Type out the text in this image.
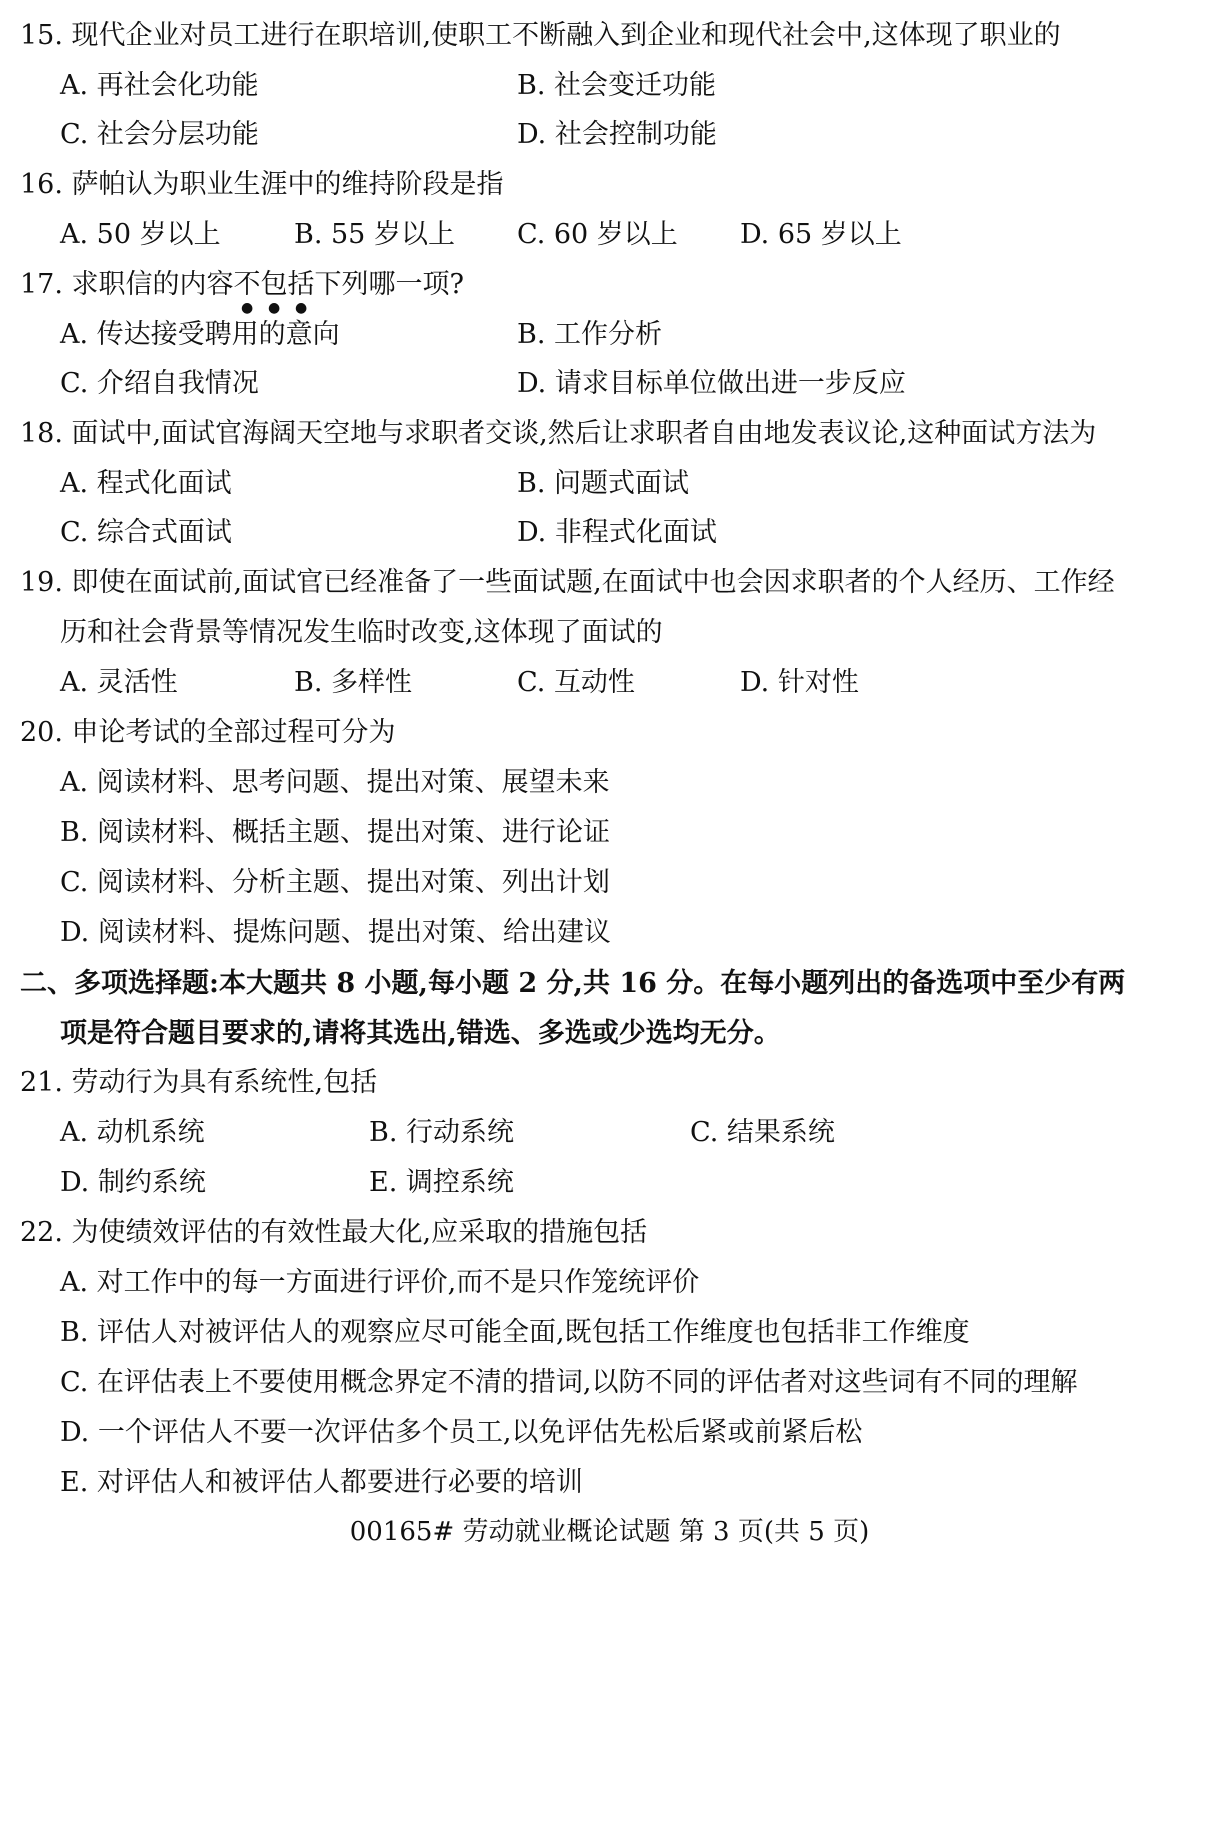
15. 现代企业对员工进行在职培训,使职工不断融入到企业和现代社会中,这体现了职业的
A. 再社会化功能	B. 社会变迁功能
C. 社会分层功能	D. 社会控制功能
16. 萨帕认为职业生涯中的维持阶段是指
A. 50 岁以上	B. 55 岁以上 C. 60 岁以上 D. 65 岁以上
17. 求职信的内容不包括下列哪一项?
A. 传达接受聘用的意向	B. 工作分析
C. 介绍自我情况	D. 请求目标单位做出进一步反应
18. 面试中,面试官海阔天空地与求职者交谈,然后让求职者自由地发表议论,这种面试方法为
A. 程式化面试	B. 问题式面试
C. 综合式面试	D. 非程式化面试
19. 即使在面试前,面试官已经准备了一些面试题,在面试中也会因求职者的个人经历、工作经
历和社会背景等情况发生临时改变,这体现了面试的
A. 灵活性	B. 多样性	C. 互动性	D. 针对性
20. 申论考试的全部过程可分为
A. 阅读材料、思考问题、提出对策、展望未来
B. 阅读材料、概括主题、提出对策、进行论证
C. 阅读材料、分析主题、提出对策、列出计划
D. 阅读材料、提炼问题、提出对策、给出建议
二、多项选择题:本大题共 8 小题,每小题 2 分,共 16 分。在每小题列出的备选项中至少有两
项是符合题目要求的,请将其选出,错选、多选或少选均无分。
21. 劳动行为具有系统性,包括
A. 动机系统	B. 行动系统	C. 结果系统
D. 制约系统	E. 调控系统
22. 为使绩效评估的有效性最大化,应采取的措施包括
A. 对工作中的每一方面进行评价,而不是只作笼统评价
B. 评估人对被评估人的观察应尽可能全面,既包括工作维度也包括非工作维度
C. 在评估表上不要使用概念界定不清的措词,以防不同的评估者对这些词有不同的理解
D. 一个评估人不要一次评估多个员工,以免评估先松后紧或前紧后松
E. 对评估人和被评估人都要进行必要的培训
00165# 劳动就业概论试题 第 3 页(共 5 页)
